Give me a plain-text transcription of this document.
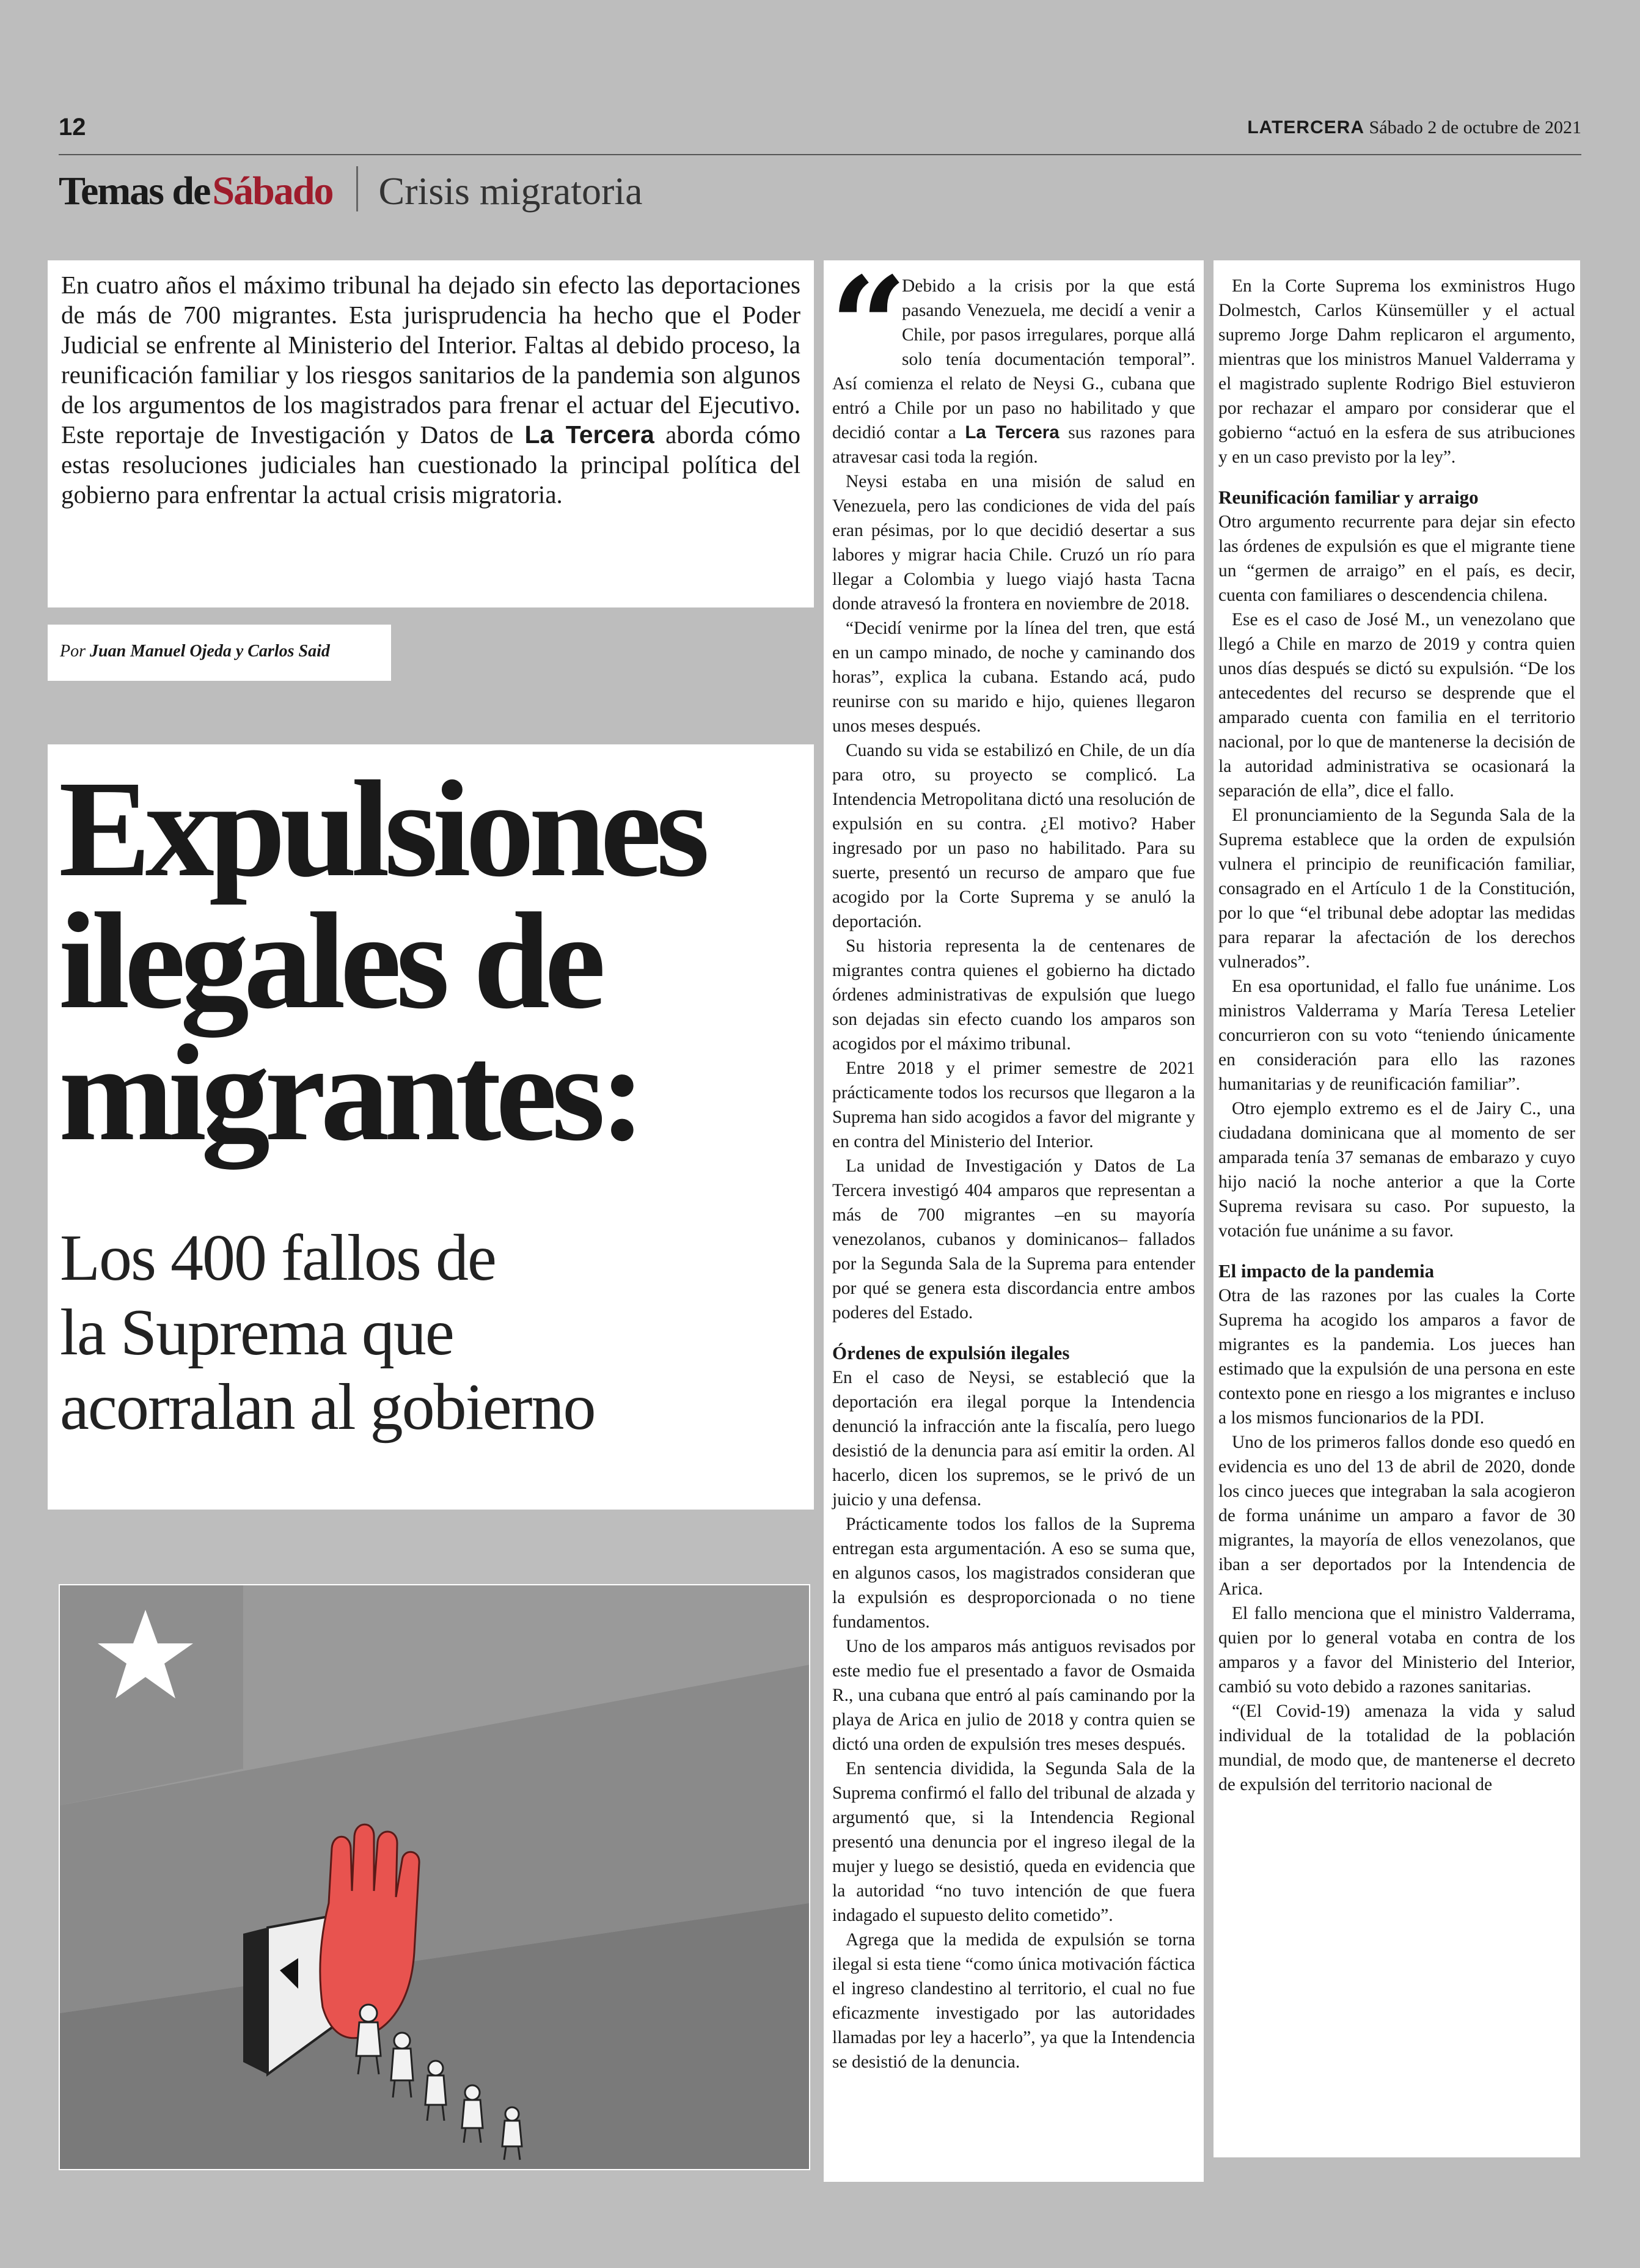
12	LATERCERA Sábado 2 de octubre de 2021
Temas de Sábado Crisis migratoria
En cuatro años el máximo tribunal ha dejado sin efecto las deportaciones de más de 700 migrantes. Esta jurisprudencia ha hecho que el Poder Judicial se enfrente al Ministerio del Interior. Faltas al debido proceso, la reunificación familiar y los riesgos sanitarios de la pandemia son algunos de los argumentos de los magistrados para frenar el actuar del Ejecutivo. Este reportaje de Investigación y Datos de La Tercera aborda cómo estas resoluciones judiciales han cuestionado la principal política del gobierno para enfrentar la actual crisis migratoria.
Por Juan Manuel Ojeda y Carlos Said
Expulsiones
ilegales de
migrantes:
Los 400 fallos de
la Suprema que
acorralan al gobierno

“
Debido a la crisis por la que está pasando Venezuela, me decidí a venir a Chile, por pasos irregulares, porque allá solo tenía documentación temporal”. Así comienza el relato de Neysi G., cubana que entró a Chile por un paso no habilitado y que decidió contar a La Tercera sus razones para atravesar casi toda la región.

Neysi estaba en una misión de salud en Venezuela, pero las condiciones de vida del país eran pésimas, por lo que decidió desertar a sus labores y migrar hacia Chile. Cruzó un río para llegar a Colombia y luego viajó hasta Tacna donde atravesó la frontera en noviembre de 2018.

“Decidí venirme por la línea del tren, que está en un campo minado, de noche y caminando dos horas”, explica la cubana. Estando acá, pudo reunirse con su marido e hijo, quienes llegaron unos meses después.

Cuando su vida se estabilizó en Chile, de un día para otro, su proyecto se complicó. La Intendencia Metropolitana dictó una resolución de expulsión en su contra. ¿El motivo? Haber ingresado por un paso no habilitado. Para su suerte, presentó un recurso de amparo que fue acogido por la Corte Suprema y se anuló la deportación.

Su historia representa la de centenares de migrantes contra quienes el gobierno ha dictado órdenes administrativas de expulsión que luego son dejadas sin efecto cuando los amparos son acogidos por el máximo tribunal.

Entre 2018 y el primer semestre de 2021 prácticamente todos los recursos que llegaron a la Suprema han sido acogidos a favor del migrante y en contra del Ministerio del Interior.

La unidad de Investigación y Datos de La Tercera investigó 404 amparos que representan a más de 700 migrantes –en su mayoría venezolanos, cubanos y dominicanos– fallados por la Segunda Sala de la Suprema para entender por qué se genera esta discordancia entre ambos poderes del Estado.

Órdenes de expulsión ilegales

En el caso de Neysi, se estableció que la deportación era ilegal porque la Intendencia denunció la infracción ante la fiscalía, pero luego desistió de la denuncia para así emitir la orden. Al hacerlo, dicen los supremos, se le privó de un juicio y una defensa.

Prácticamente todos los fallos de la Suprema entregan esta argumentación. A eso se suma que, en algunos casos, los magistrados consideran que la expulsión es desproporcionada o no tiene fundamentos.

Uno de los amparos más antiguos revisados por este medio fue el presentado a favor de Osmaida R., una cubana que entró al país caminando por la playa de Arica en julio de 2018 y contra quien se dictó una orden de expulsión tres meses después.

En sentencia dividida, la Segunda Sala de la Suprema confirmó el fallo del tribunal de alzada y argumentó que, si la Intendencia Regional presentó una denuncia por el ingreso ilegal de la mujer y luego se desistió, queda en evidencia que la autoridad “no tuvo intención de que fuera indagado el supuesto delito cometido”.

Agrega que la medida de expulsión se torna ilegal si esta tiene “como única motivación fáctica el ingreso clandestino al territorio, el cual no fue eficazmente investigado por las autoridades llamadas por ley a hacerlo”, ya que la Intendencia se desistió de la denuncia.

En la Corte Suprema los exministros Hugo Dolmestch, Carlos Künsemüller y el actual supremo Jorge Dahm replicaron el argumento, mientras que los ministros Manuel Valderrama y el magistrado suplente Rodrigo Biel estuvieron por rechazar el amparo por considerar que el gobierno “actuó en la esfera de sus atribuciones y en un caso previsto por la ley”.

Reunificación familiar y arraigo

Otro argumento recurrente para dejar sin efecto las órdenes de expulsión es que el migrante tiene un “germen de arraigo” en el país, es decir, cuenta con familiares o descendencia chilena.

Ese es el caso de José M., un venezolano que llegó a Chile en marzo de 2019 y contra quien unos días después se dictó su expulsión. “De los antecedentes del recurso se desprende que el amparado cuenta con familia en el territorio nacional, por lo que de mantenerse la decisión de la autoridad administrativa se ocasionará la separación de ella”, dice el fallo.

El pronunciamiento de la Segunda Sala de la Suprema establece que la orden de expulsión vulnera el principio de reunificación familiar, consagrado en el Artículo 1 de la Constitución, por lo que “el tribunal debe adoptar las medidas para reparar la afectación de los derechos vulnerados”.

En esa oportunidad, el fallo fue unánime. Los ministros Valderrama y María Teresa Letelier concurrieron con su voto “teniendo únicamente en consideración para ello las razones humanitarias y de reunificación familiar”.

Otro ejemplo extremo es el de Jairy C., una ciudadana dominicana que al momento de ser amparada tenía 37 semanas de embarazo y cuyo hijo nació la noche anterior a que la Corte Suprema revisara su caso. Por supuesto, la votación fue unánime a su favor.

El impacto de la pandemia

Otra de las razones por las cuales la Corte Suprema ha acogido los amparos a favor de migrantes es la pandemia. Los jueces han estimado que la expulsión de una persona en este contexto pone en riesgo a los migrantes e incluso a los mismos funcionarios de la PDI.

Uno de los primeros fallos donde eso quedó en evidencia es uno del 13 de abril de 2020, donde los cinco jueces que integraban la sala acogieron de forma unánime un amparo a favor de 30 migrantes, la mayoría de ellos venezolanos, que iban a ser deportados por la Intendencia de Arica.

El fallo menciona que el ministro Valderrama, quien por lo general votaba en contra de los amparos y a favor del Ministerio del Interior, cambió su voto debido a razones sanitarias.

“(El Covid-19) amenaza la vida y salud individual de la totalidad de la población mundial, de modo que, de mantenerse el decreto de expulsión del territorio nacional de
